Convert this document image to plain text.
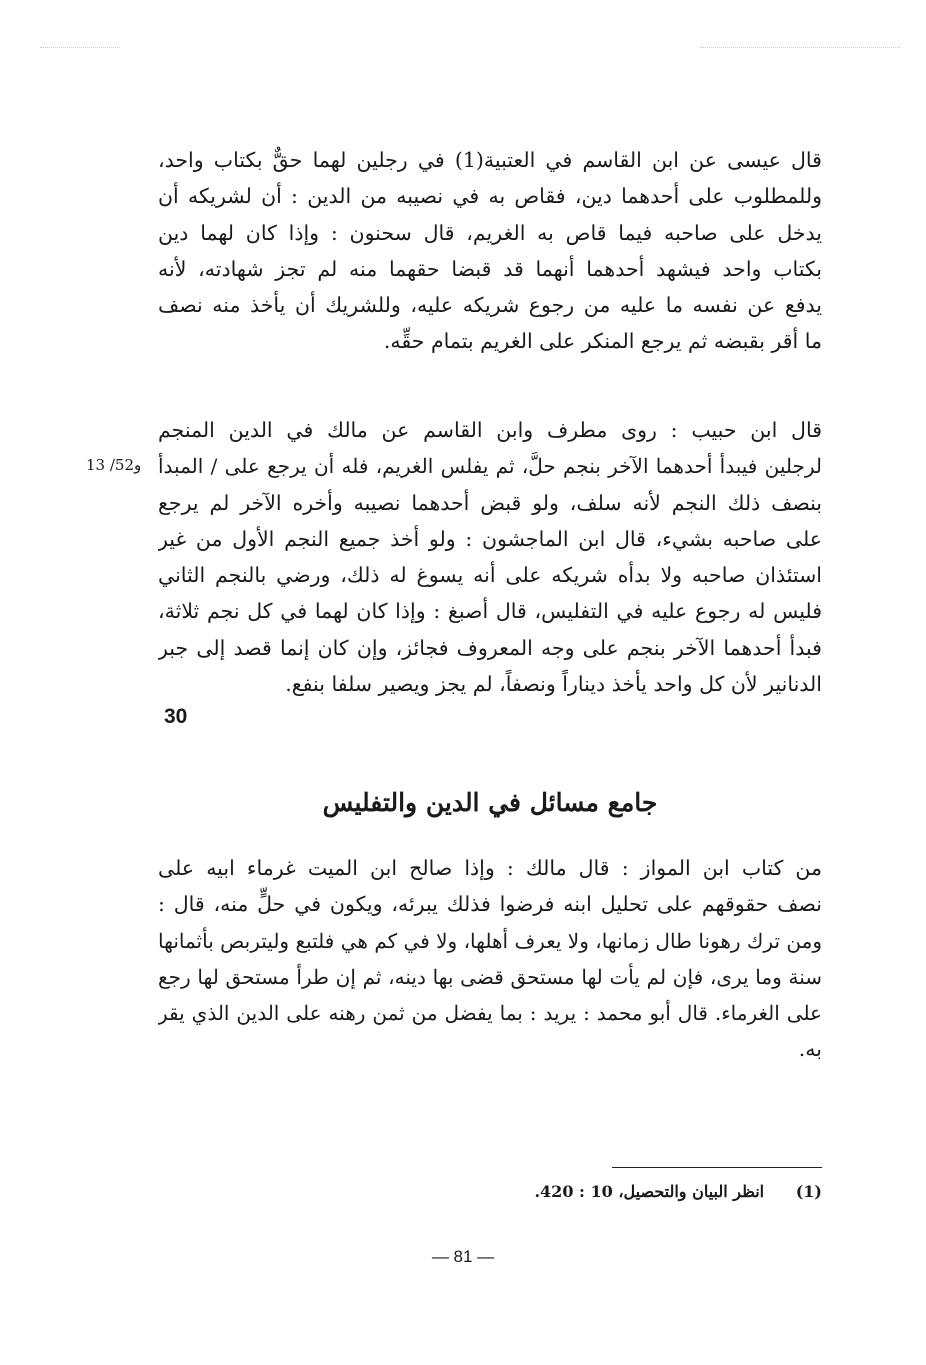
قال عيسى عن ابن القاسم في العتبية(1) في رجلين لهما حقٌّ بكتاب واحد،
وللمطلوب على أحدهما دين، فقاص به في نصيبه من الدين : أن لشريكه أن
يدخل على صاحبه فيما قاص به الغريم، قال سحنون : وإذا كان لهما دين
بكتاب واحد فيشهد أحدهما أنهما قد قبضا حقهما منه لم تجز شهادته، لأنه
يدفع عن نفسه ما عليه من رجوع شريكه عليه، وللشريك أن يأخذ منه نصف
ما أقر بقبضه ثم يرجع المنكر على الغريم بتمام حقِّه.
قال ابن حبيب : روى مطرف وابن القاسم عن مالك في الدين المنجم
لرجلين فيبدأ أحدهما الآخر بنجم حلَّ، ثم يفلس الغريم، فله أن يرجع على / المبدأ
بنصف ذلك النجم لأنه سلف، ولو قبض أحدهما نصيبه وأخره الآخر لم يرجع
على صاحبه بشيء، قال ابن الماجشون : ولو أخذ جميع النجم الأول من غير
استئذان صاحبه ولا بدأه شريكه على أنه يسوغ له ذلك، ورضي بالنجم الثاني
فليس له رجوع عليه في التفليس، قال أصبغ : وإذا كان لهما في كل نجم ثلاثة،
فبدأ أحدهما الآخر بنجم على وجه المعروف فجائز، وإن كان إنما قصد إلى جبر
الدنانير لأن كل واحد يأخذ ديناراً ونصفاً، لم يجز ويصير سلفا بنفع.
13 /52و
30
جامع مسائل في الدين والتفليس
من كتاب ابن المواز : قال مالك : وإذا صالح ابن الميت غرماء ابيه على
نصف حقوقهم على تحليل ابنه فرضوا فذلك يبرئه، ويكون في حلٍّ منه، قال :
ومن ترك رهونا طال زمانها، ولا يعرف أهلها، ولا في كم هي فلتبع وليتربص بأثمانها
سنة وما يرى، فإن لم يأت لها مستحق قضى بها دينه، ثم إن طرأ مستحق لها رجع
على الغرماء. قال أبو محمد : يريد : بما يفضل من ثمن رهنه على الدين الذي يقر
به.
(1) انظر البيان والتحصيل، 10 : 420.
— 81 —
